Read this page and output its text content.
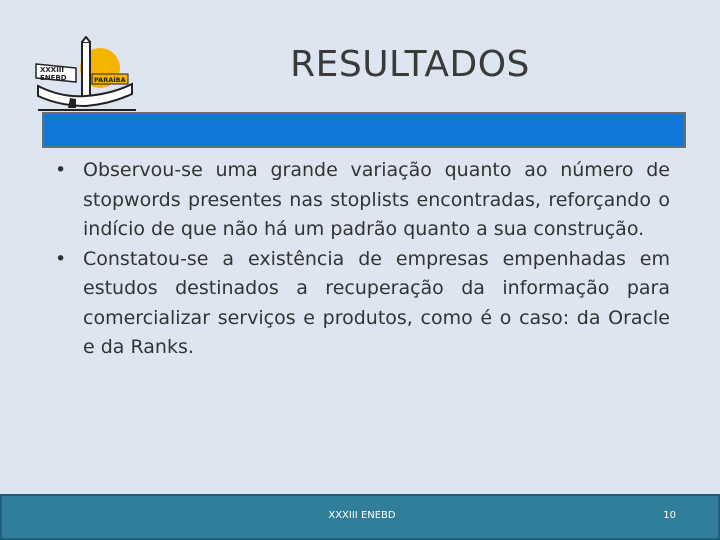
XXXIII
ENEBD	PARAÍBA	RESULTADOS
• Observou-se uma grande variação quanto ao número de stopwords presentes nas stoplists encontradas, reforçando o indício de que não há um padrão quanto a sua construção.
• Constatou-se a existência de empresas empenhadas em estudos destinados a recuperação da informação para comercializar serviços e produtos, como é o caso: da Oracle e da Ranks.
XXXIII ENEBD	10
